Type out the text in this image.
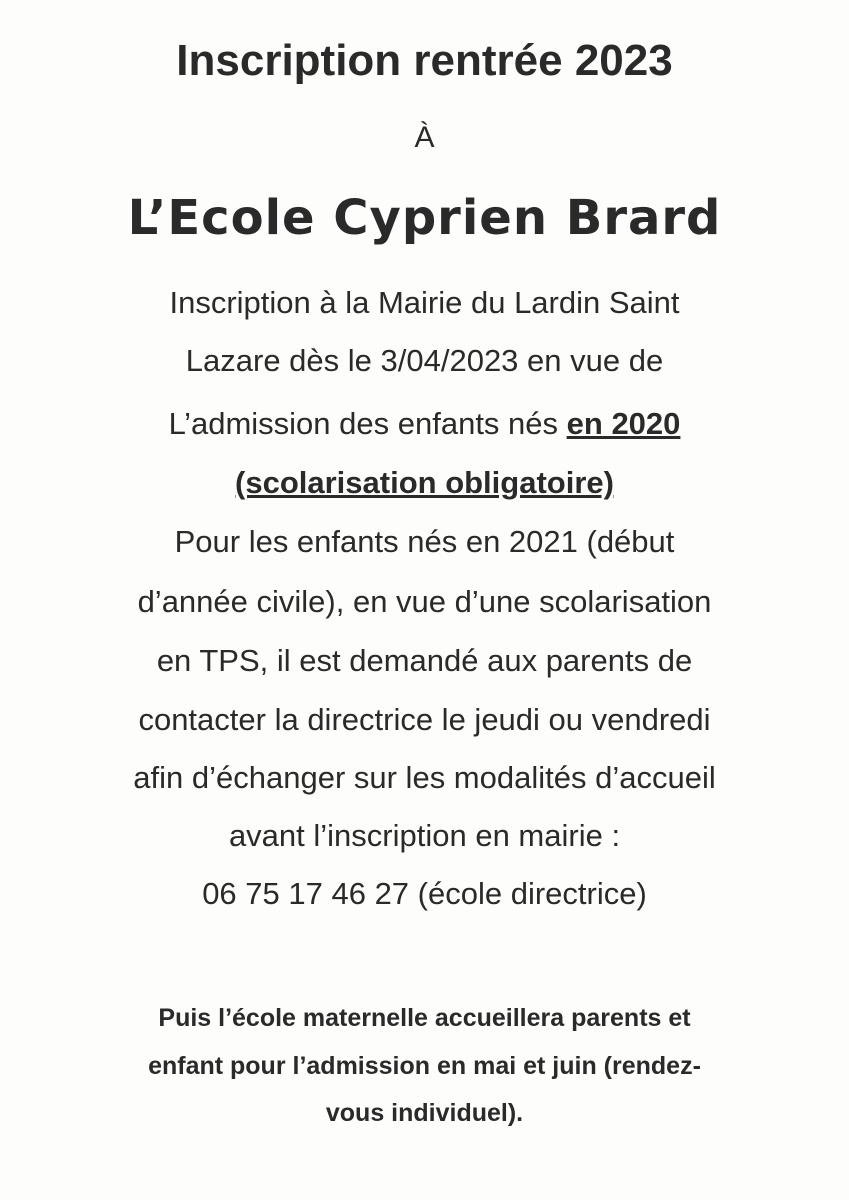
Inscription rentrée 2023

À

L’Ecole Cyprien Brard

Inscription à la Mairie du Lardin Saint

Lazare dès le 3/04/2023 en vue de

L’admission des enfants nés en 2020

(scolarisation obligatoire)

Pour les enfants nés en 2021 (début

d’année civile), en vue d’une scolarisation

en TPS, il est demandé aux parents de

contacter la directrice le jeudi ou vendredi

afin d’échanger sur les modalités d’accueil

avant l’inscription en mairie :

06 75 17 46 27 (école directrice)

Puis l’école maternelle accueillera parents et

enfant pour l’admission en mai et juin (rendez-

vous individuel).
